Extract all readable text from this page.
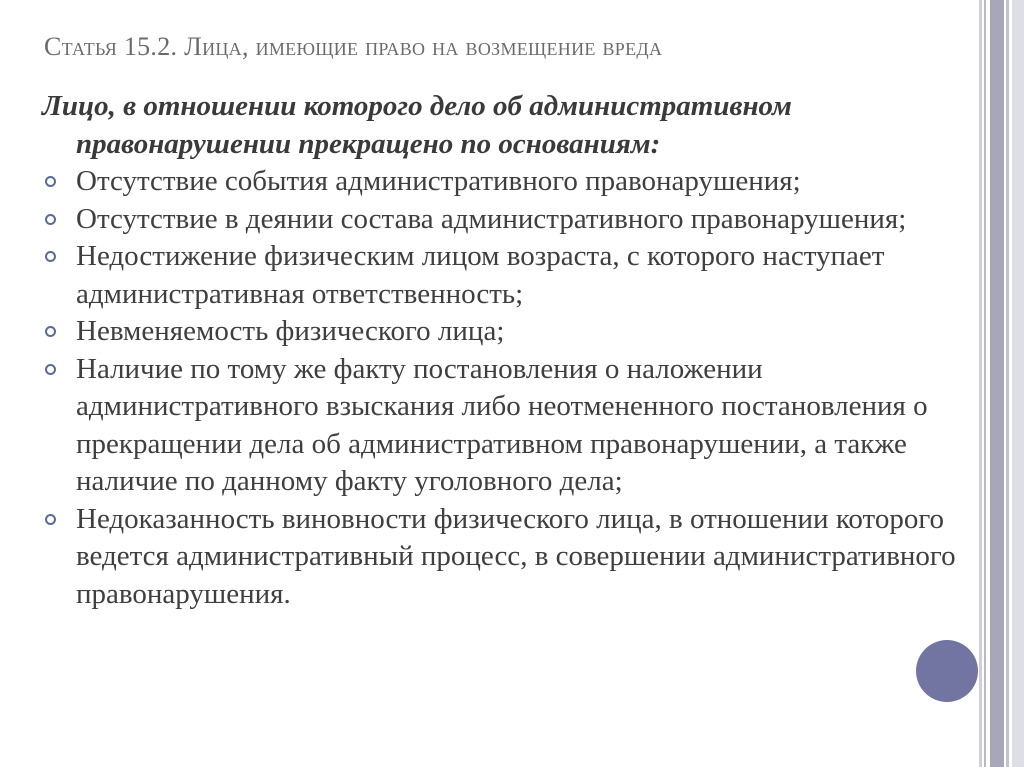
Статья 15.2. Лица, имеющие право на возмещение вреда

Лицо, в отношении которого дело об административном правонарушении прекращено по основаниям:

Отсутствие события административного правонарушения;
Отсутствие в деянии состава административного правонарушения;
Недостижение физическим лицом возраста, с которого наступает административная ответственность;
Невменяемость физического лица;
Наличие по тому же факту постановления о наложении административного взыскания либо неотмененного постановления о прекращении дела об административном правонарушении, а также наличие по данному факту уголовного дела;
Недоказанность виновности физического лица, в отношении которого ведется административный процесс, в совершении административного правонарушения.
